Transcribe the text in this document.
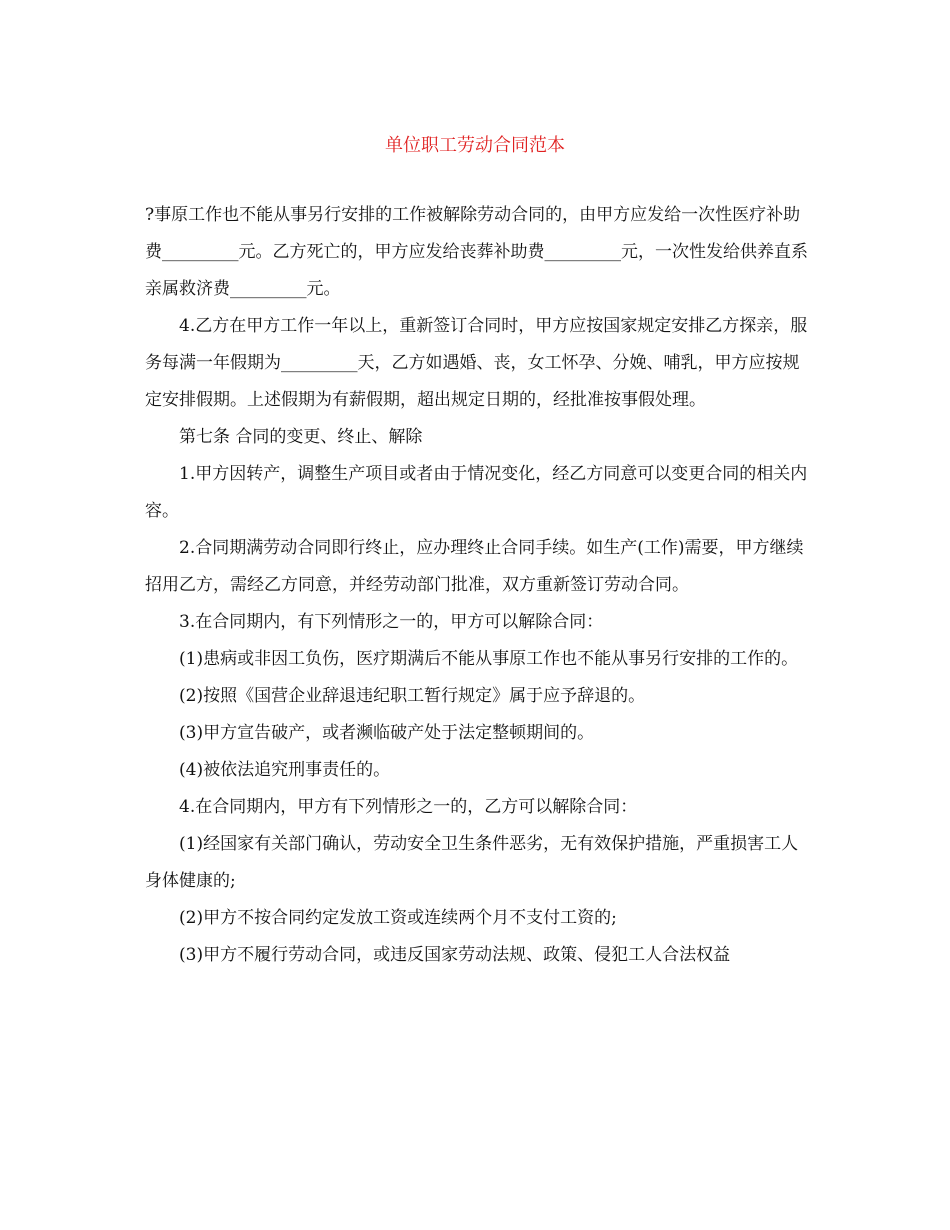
单位职工劳动合同范本

?事原工作也不能从事另行安排的工作被解除劳动合同的，由甲方应发给一次性医疗补助费_________元。乙方死亡的，甲方应发给丧葬补助费_________元，一次性发给供养直系亲属救济费_________元。

4.乙方在甲方工作一年以上，重新签订合同时，甲方应按国家规定安排乙方探亲，服务每满一年假期为_________天，乙方如遇婚、丧，女工怀孕、分娩、哺乳，甲方应按规定安排假期。上述假期为有薪假期，超出规定日期的，经批准按事假处理。

第七条 合同的变更、终止、解除

1.甲方因转产，调整生产项目或者由于情况变化，经乙方同意可以变更合同的相关内容。

2.合同期满劳动合同即行终止，应办理终止合同手续。如生产(工作)需要，甲方继续招用乙方，需经乙方同意，并经劳动部门批准，双方重新签订劳动合同。

3.在合同期内，有下列情形之一的，甲方可以解除合同：

(1)患病或非因工负伤，医疗期满后不能从事原工作也不能从事另行安排的工作的。

(2)按照《国营企业辞退违纪职工暂行规定》属于应予辞退的。

(3)甲方宣告破产，或者濒临破产处于法定整顿期间的。

(4)被依法追究刑事责任的。

4.在合同期内，甲方有下列情形之一的，乙方可以解除合同：

(1)经国家有关部门确认，劳动安全卫生条件恶劣，无有效保护措施，严重损害工人身体健康的;

(2)甲方不按合同约定发放工资或连续两个月不支付工资的;

(3)甲方不履行劳动合同，或违反国家劳动法规、政策、侵犯工人合法权益
